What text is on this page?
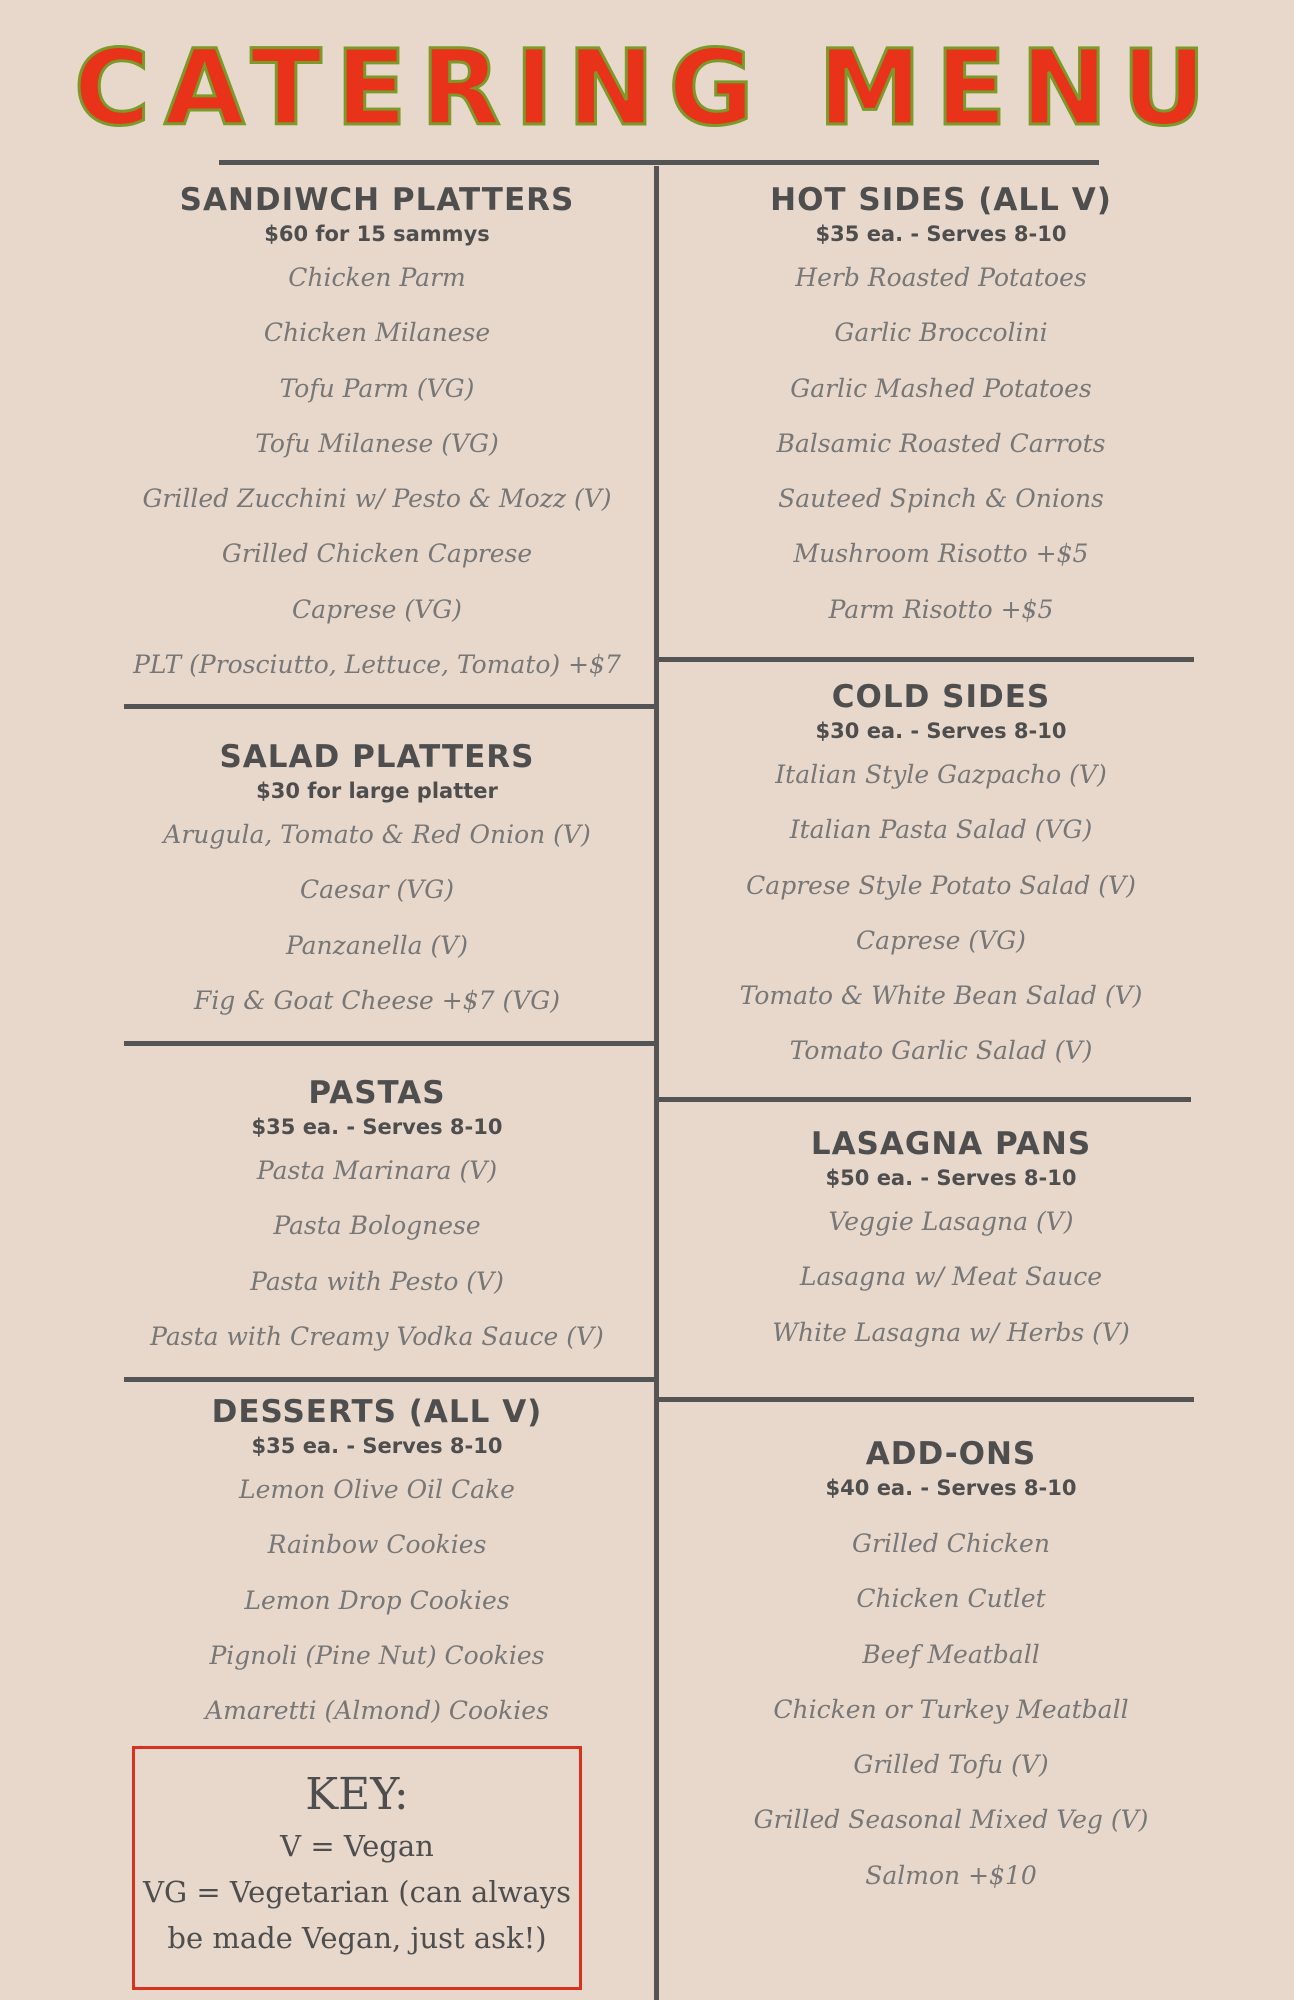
CATERING MENU
SANDIWCH PLATTERS
$60 for 15 sammys
Chicken Parm
Chicken Milanese
Tofu Parm (VG)
Tofu Milanese (VG)
Grilled Zucchini w/ Pesto & Mozz (V)
Grilled Chicken Caprese
Caprese (VG)
PLT (Prosciutto, Lettuce, Tomato) +$7
SALAD PLATTERS
$30 for large platter
Arugula, Tomato & Red Onion (V)
Caesar (VG)
Panzanella (V)
Fig & Goat Cheese +$7 (VG)
PASTAS
$35 ea. - Serves 8-10
Pasta Marinara (V)
Pasta Bolognese
Pasta with Pesto (V)
Pasta with Creamy Vodka Sauce (V)
DESSERTS (ALL V)
$35 ea. - Serves 8-10
Lemon Olive Oil Cake
Rainbow Cookies
Lemon Drop Cookies
Pignoli (Pine Nut) Cookies
Amaretti (Almond) Cookies
KEY:
V = Vegan
VG = Vegetarian (can always
be made Vegan, just ask!)
HOT SIDES (ALL V)
$35 ea. - Serves 8-10
Herb Roasted Potatoes
Garlic Broccolini
Garlic Mashed Potatoes
Balsamic Roasted Carrots
Sauteed Spinch & Onions
Mushroom Risotto +$5
Parm Risotto +$5
COLD SIDES
$30 ea. - Serves 8-10
Italian Style Gazpacho (V)
Italian Pasta Salad (VG)
Caprese Style Potato Salad (V)
Caprese (VG)
Tomato & White Bean Salad (V)
Tomato Garlic Salad (V)
LASAGNA PANS
$50 ea. - Serves 8-10
Veggie Lasagna (V)
Lasagna w/ Meat Sauce
White Lasagna w/ Herbs (V)
ADD-ONS
$40 ea. - Serves 8-10
Grilled Chicken
Chicken Cutlet
Beef Meatball
Chicken or Turkey Meatball
Grilled Tofu (V)
Grilled Seasonal Mixed Veg (V)
Salmon +$10
